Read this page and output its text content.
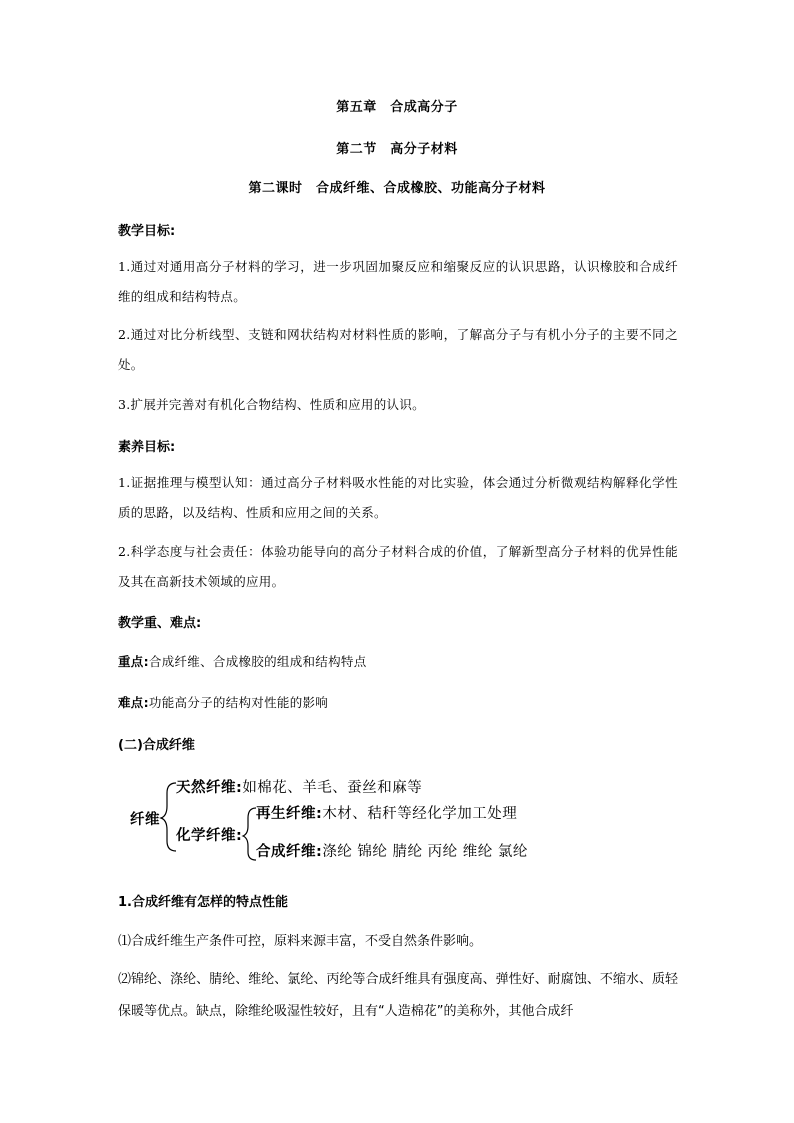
第五章　合成高分子
第二节　高分子材料
第二课时　合成纤维、合成橡胶、功能高分子材料
教学目标:
1.通过对通用高分子材料的学习，进一步巩固加聚反应和缩聚反应的认识思路，认识橡胶和合成纤维的组成和结构特点。
2.通过对比分析线型、支链和网状结构对材料性质的影响，了解高分子与有机小分子的主要不同之处。
3.扩展并完善对有机化合物结构、性质和应用的认识。
素养目标:
1.证据推理与模型认知：通过高分子材料吸水性能的对比实验，体会通过分析微观结构解释化学性质的思路，以及结构、性质和应用之间的关系。
2.科学态度与社会责任：体验功能导向的高分子材料合成的价值，了解新型高分子材料的优异性能及其在高新技术领域的应用。
教学重、难点:
重点:合成纤维、合成橡胶的组成和结构特点
难点:功能高分子的结构对性能的影响
(二)合成纤维
纤维
天然纤维:如棉花、羊毛、蚕丝和麻等
化学纤维:
再生纤维:木材、秸秆等经化学加工处理
合成纤维:涤纶 锦纶 腈纶 丙纶 维纶 氯纶
1.合成纤维有怎样的特点性能
⑴合成纤维生产条件可控，原料来源丰富，不受自然条件影响。
⑵锦纶、涤纶、腈纶、维纶、氯纶、丙纶等合成纤维具有强度高、弹性好、耐腐蚀、不缩水、质轻保暖等优点。缺点，除维纶吸湿性较好，且有“人造棉花”的美称外，其他合成纤
